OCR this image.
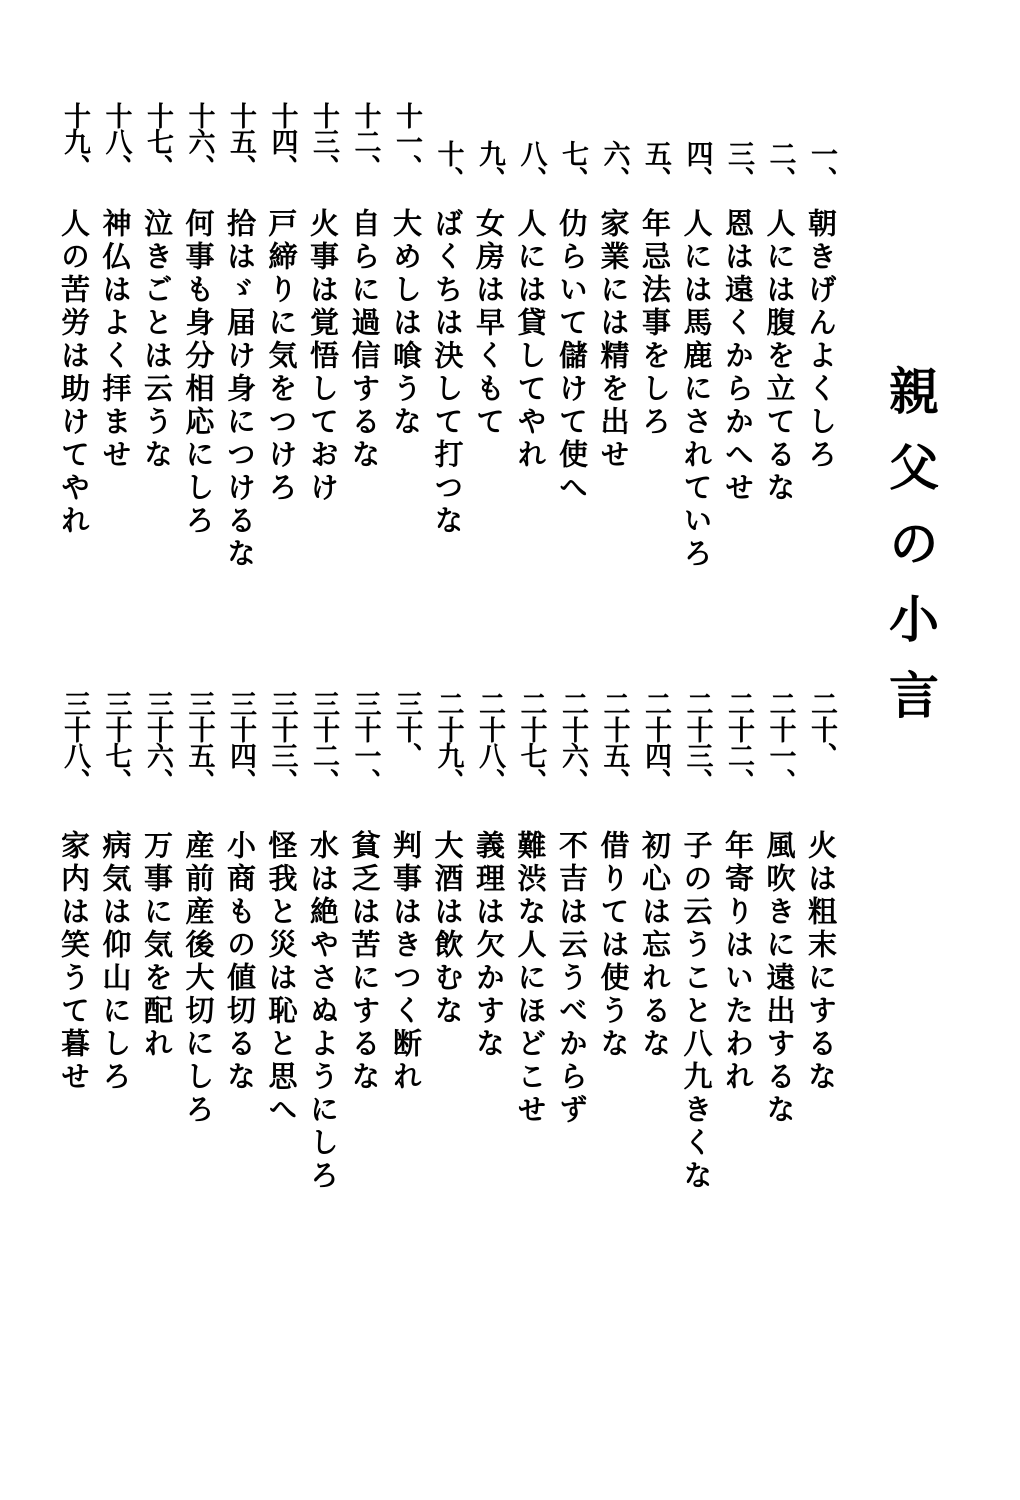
親父の小言
一、
朝きげんよくしろ
二、
人には腹を立てるな
三、
恩は遠くからかへせ
四、
人には馬鹿にされていろ
五、
年忌法事をしろ
六、
家業には精を出せ
七、
仂らいて儲けて使へ
八、
人には貸してやれ
九、
女房は早くもて
十、
ばくちは決して打つな
十一、
大めしは喰うな
十二、
自らに過信するな
十三、
火事は覚悟しておけ
十四、
戸締りに気をつけろ
十五、
拾はゞ届け身につけるな
十六、
何事も身分相応にしろ
十七、
泣きごとは云うな
十八、
神仏はよく拝ませ
十九、
人の苦労は助けてやれ
二十、
火は粗末にするな
二十一、
風吹きに遠出するな
二十二、
年寄りはいたわれ
二十三、
子の云うこと八九きくな
二十四、
初心は忘れるな
二十五、
借りては使うな
二十六、
不吉は云うべからず
二十七、
難渋な人にほどこせ
二十八、
義理は欠かすな
二十九、
大酒は飲むな
三十、
判事はきつく断れ
三十一、
貧乏は苦にするな
三十二、
水は絶やさぬようにしろ
三十三、
怪我と災は恥と思へ
三十四、
小商もの値切るな
三十五、
産前産後大切にしろ
三十六、
万事に気を配れ
三十七、
病気は仰山にしろ
三十八、
家内は笑うて暮せ
